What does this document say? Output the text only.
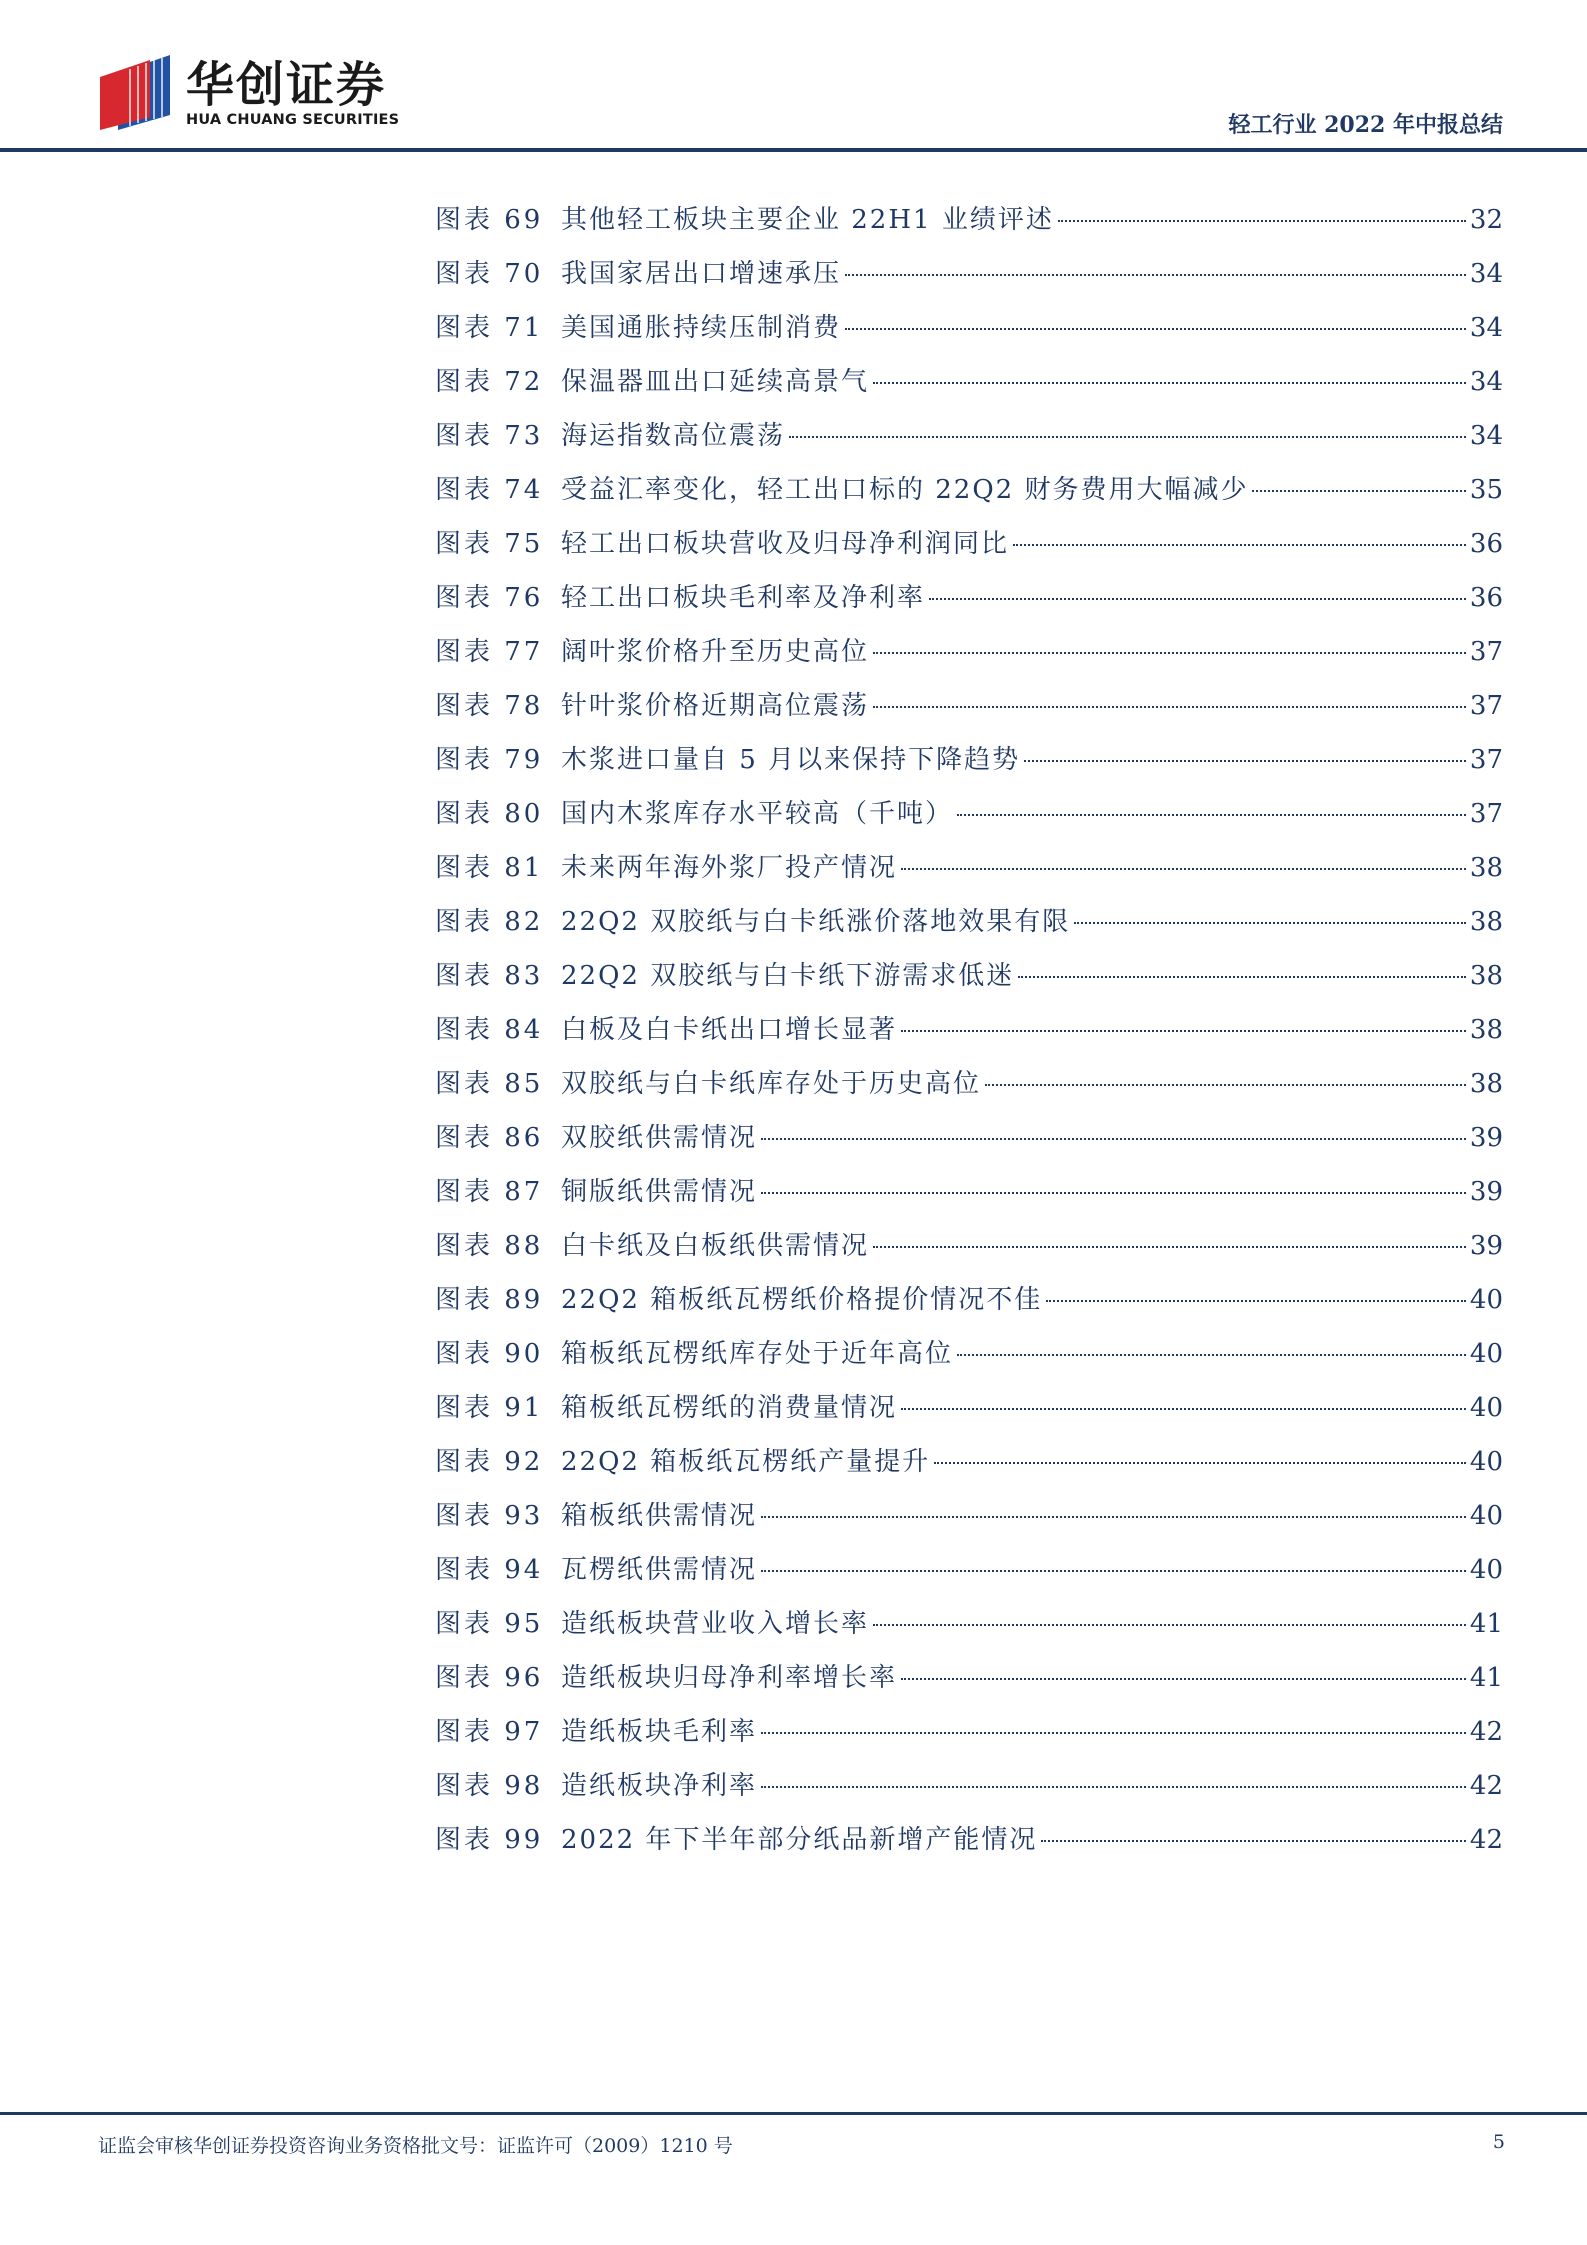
华创证券
HUA CHUANG SECURITIES	轻工行业 2022 年中报总结
图表 69 其他轻工板块主要企业 22H1 业绩评述	32
图表 70 我国家居出口增速承压	34
图表 71 美国通胀持续压制消费	34
图表 72 保温器皿出口延续高景气	34
图表 73 海运指数高位震荡	34
图表 74 受益汇率变化，轻工出口标的 22Q2 财务费用大幅减少	35
图表 75 轻工出口板块营收及归母净利润同比	36
图表 76 轻工出口板块毛利率及净利率	36
图表 77 阔叶浆价格升至历史高位	37
图表 78 针叶浆价格近期高位震荡	37
图表 79 木浆进口量自 5 月以来保持下降趋势	37
图表 80 国内木浆库存水平较高（千吨）	37
图表 81 未来两年海外浆厂投产情况	38
图表 82 22Q2 双胶纸与白卡纸涨价落地效果有限	38
图表 83 22Q2 双胶纸与白卡纸下游需求低迷	38
图表 84 白板及白卡纸出口增长显著	38
图表 85 双胶纸与白卡纸库存处于历史高位	38
图表 86 双胶纸供需情况	39
图表 87 铜版纸供需情况	39
图表 88 白卡纸及白板纸供需情况	39
图表 89 22Q2 箱板纸瓦楞纸价格提价情况不佳	40
图表 90 箱板纸瓦楞纸库存处于近年高位	40
图表 91 箱板纸瓦楞纸的消费量情况	40
图表 92 22Q2 箱板纸瓦楞纸产量提升	40
图表 93 箱板纸供需情况	40
图表 94 瓦楞纸供需情况	40
图表 95 造纸板块营业收入增长率	41
图表 96 造纸板块归母净利率增长率	41
图表 97 造纸板块毛利率	42
图表 98 造纸板块净利率	42
图表 99 2022 年下半年部分纸品新增产能情况	42
证监会审核华创证券投资咨询业务资格批文号：证监许可（2009）1210 号	5
